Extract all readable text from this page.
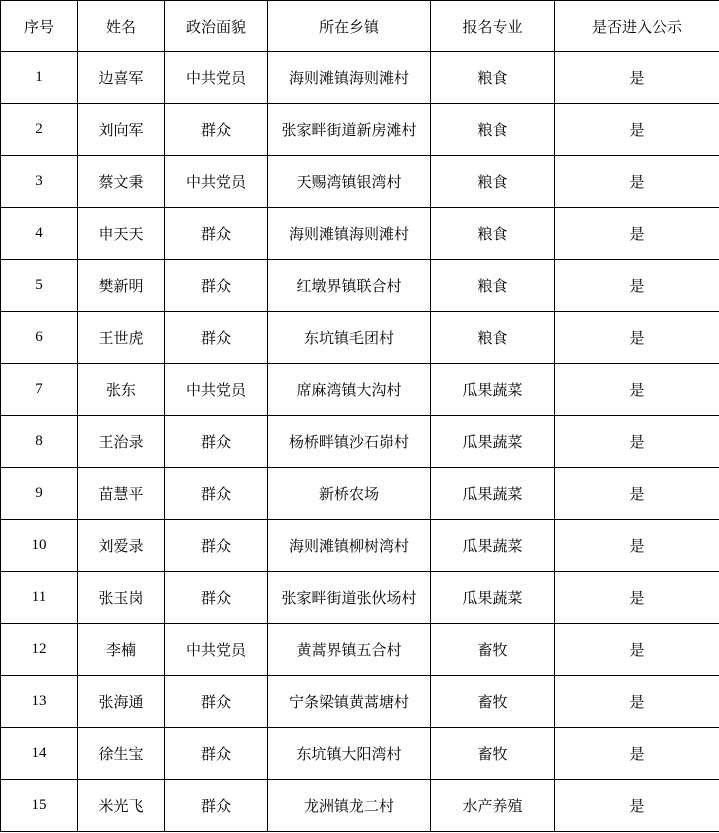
序号	姓名	政治面貌	所在乡镇	报名专业	是否进入公示
1	边喜军	中共党员	海则滩镇海则滩村	粮食	是
2	刘向军	群众	张家畔街道新房滩村	粮食	是
3	蔡文秉	中共党员	天赐湾镇银湾村	粮食	是
4	申天天	群众	海则滩镇海则滩村	粮食	是
5	樊新明	群众	红墩界镇联合村	粮食	是
6	王世虎	群众	东坑镇毛团村	粮食	是
7	张东	中共党员	席麻湾镇大沟村	瓜果蔬菜	是
8	王治录	群众	杨桥畔镇沙石峁村	瓜果蔬菜	是
9	苗慧平	群众	新桥农场	瓜果蔬菜	是
10	刘爱录	群众	海则滩镇柳树湾村	瓜果蔬菜	是
11	张玉岗	群众	张家畔街道张伙场村	瓜果蔬菜	是
12	李楠	中共党员	黄蒿界镇五合村	畜牧	是
13	张海通	群众	宁条梁镇黄蒿塘村	畜牧	是
14	徐生宝	群众	东坑镇大阳湾村	畜牧	是
15	米光飞	群众	龙洲镇龙二村	水产养殖	是
